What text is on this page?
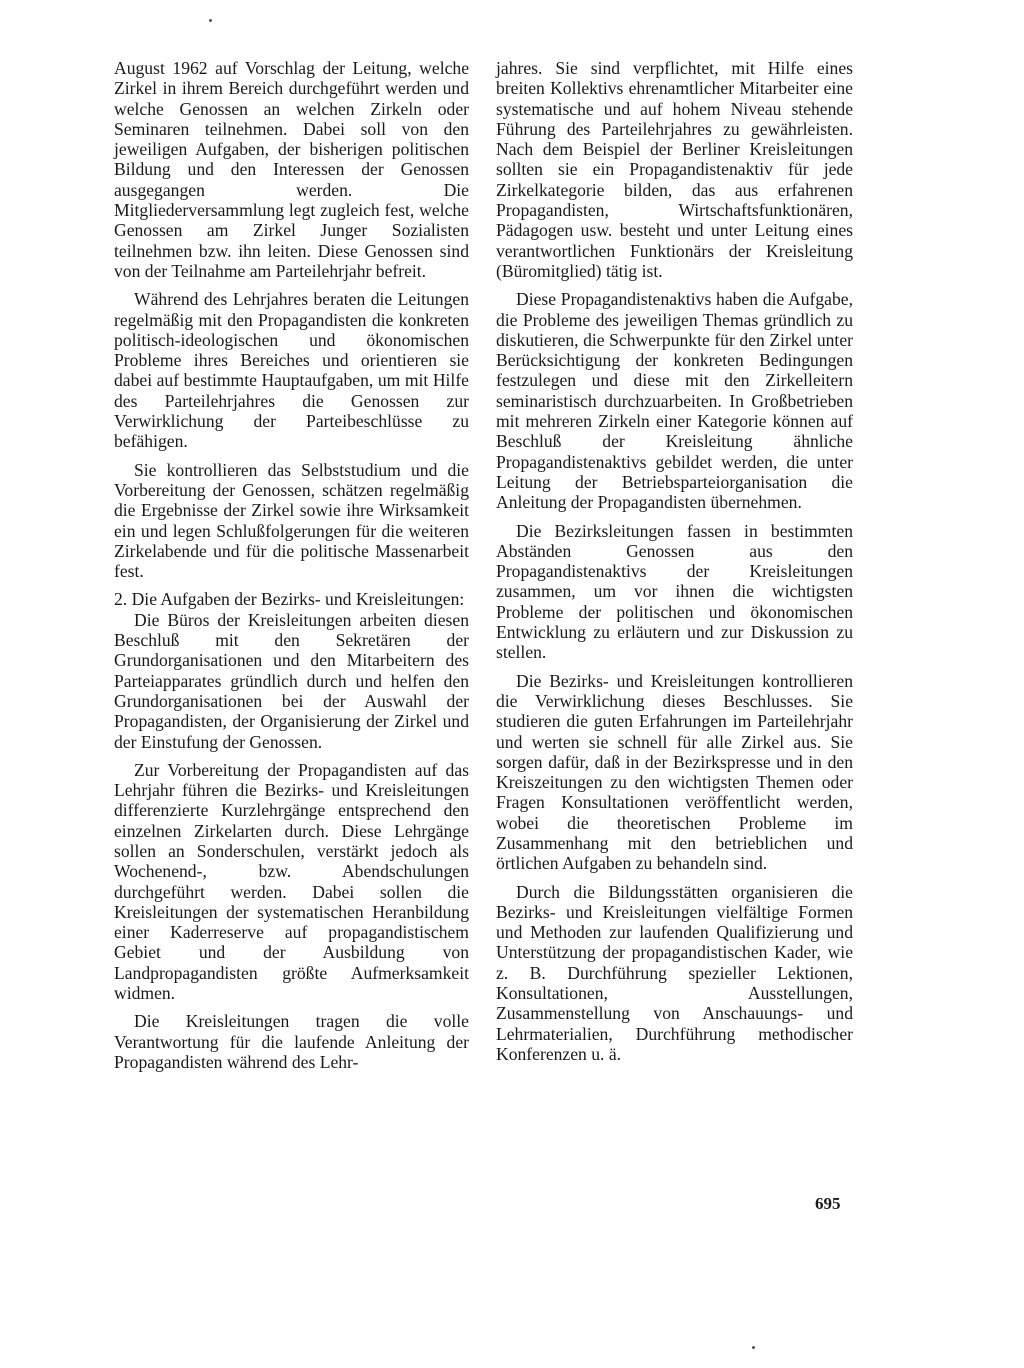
August 1962 auf Vorschlag der Leitung, welche Zirkel in ihrem Bereich durchgeführt werden und welche Genossen an welchen Zirkeln oder Seminaren teilnehmen. Dabei soll von den jeweiligen Aufgaben, der bisherigen politischen Bildung und den Interessen der Genossen ausgegangen werden. Die Mitgliederversammlung legt zugleich fest, welche Genossen am Zirkel Junger Sozialisten teilnehmen bzw. ihn leiten. Diese Genossen sind von der Teilnahme am Parteilehrjahr befreit.

Während des Lehrjahres beraten die Leitungen regelmäßig mit den Propagandisten die konkreten politisch-ideologischen und ökonomischen Probleme ihres Bereiches und orientieren sie dabei auf bestimmte Hauptaufgaben, um mit Hilfe des Parteilehrjahres die Genossen zur Verwirklichung der Parteibeschlüsse zu befähigen.

Sie kontrollieren das Selbststudium und die Vorbereitung der Genossen, schätzen regelmäßig die Ergebnisse der Zirkel sowie ihre Wirksamkeit ein und legen Schlußfolgerungen für die weiteren Zirkelabende und für die politische Massenarbeit fest.

2. Die Aufgaben der Bezirks- und Kreisleitungen:

Die Büros der Kreisleitungen arbeiten diesen Beschluß mit den Sekretären der Grundorganisationen und den Mitarbeitern des Parteiapparates gründlich durch und helfen den Grundorganisationen bei der Auswahl der Propagandisten, der Organisierung der Zirkel und der Einstufung der Genossen.

Zur Vorbereitung der Propagandisten auf das Lehrjahr führen die Bezirks- und Kreisleitungen differenzierte Kurzlehrgänge entsprechend den einzelnen Zirkelarten durch. Diese Lehrgänge sollen an Sonderschulen, verstärkt jedoch als Wochenend-, bzw. Abendschulungen durchgeführt werden. Dabei sollen die Kreisleitungen der systematischen Heranbildung einer Kaderreserve auf propagandistischem Gebiet und der Ausbildung von Landpropagandisten größte Aufmerksamkeit widmen.

Die Kreisleitungen tragen die volle Verantwortung für die laufende Anleitung der Propagandisten während des Lehr-

jahres. Sie sind verpflichtet, mit Hilfe eines breiten Kollektivs ehrenamtlicher Mitarbeiter eine systematische und auf hohem Niveau stehende Führung des Parteilehrjahres zu gewährleisten. Nach dem Beispiel der Berliner Kreisleitungen sollten sie ein Propagandistenaktiv für jede Zirkelkategorie bilden, das aus erfahrenen Propagandisten, Wirtschaftsfunktionären, Pädagogen usw. besteht und unter Leitung eines verantwortlichen Funktionärs der Kreisleitung (Büromitglied) tätig ist.

Diese Propagandistenaktivs haben die Aufgabe, die Probleme des jeweiligen Themas gründlich zu diskutieren, die Schwerpunkte für den Zirkel unter Berücksichtigung der konkreten Bedingungen festzulegen und diese mit den Zirkelleitern seminaristisch durchzuarbeiten. In Großbetrieben mit mehreren Zirkeln einer Kategorie können auf Beschluß der Kreisleitung ähnliche Propagandistenaktivs gebildet werden, die unter Leitung der Betriebsparteiorganisation die Anleitung der Propagandisten übernehmen.

Die Bezirksleitungen fassen in bestimmten Abständen Genossen aus den Propagandistenaktivs der Kreisleitungen zusammen, um vor ihnen die wichtigsten Probleme der politischen und ökonomischen Entwicklung zu erläutern und zur Diskussion zu stellen.

Die Bezirks- und Kreisleitungen kontrollieren die Verwirklichung dieses Beschlusses. Sie studieren die guten Erfahrungen im Parteilehrjahr und werten sie schnell für alle Zirkel aus. Sie sorgen dafür, daß in der Bezirkspresse und in den Kreiszeitungen zu den wichtigsten Themen oder Fragen Konsultationen veröffentlicht werden, wobei die theoretischen Probleme im Zusammenhang mit den betrieblichen und örtlichen Aufgaben zu behandeln sind.

Durch die Bildungsstätten organisieren die Bezirks- und Kreisleitungen vielfältige Formen und Methoden zur laufenden Qualifizierung und Unterstützung der propagandistischen Kader, wie z. B. Durchführung spezieller Lektionen, Konsultationen, Ausstellungen, Zusammenstellung von Anschauungs- und Lehrmaterialien, Durchführung methodischer Konferenzen u. ä.

695
